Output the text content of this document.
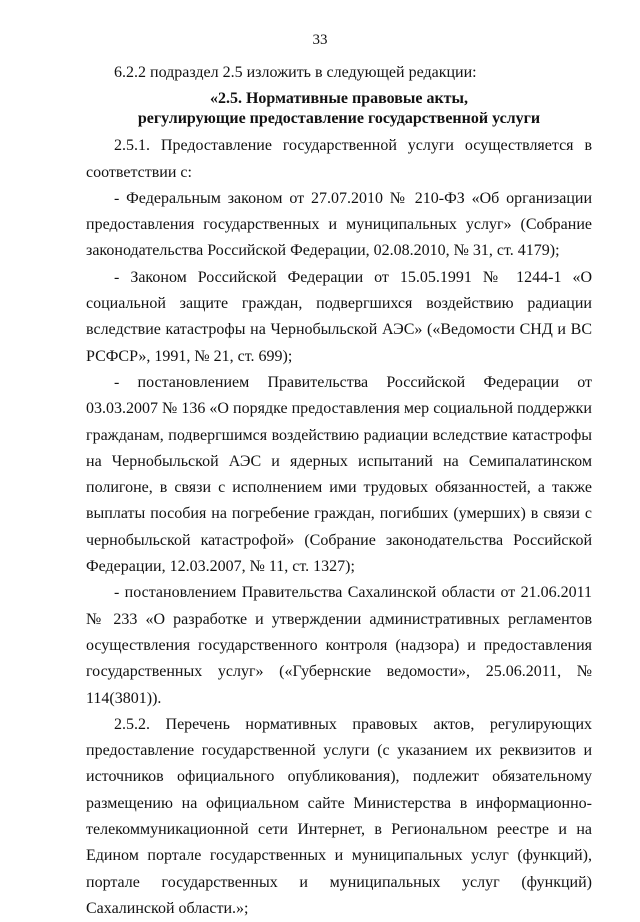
33

6.2.2 подраздел 2.5 изложить в следующей редакции:

«2.5. Нормативные правовые акты,
регулирующие предоставление государственной услуги

2.5.1. Предоставление государственной услуги осуществляется в соответствии с:

- Федеральным законом от 27.07.2010 № 210-ФЗ «Об организации предоставления государственных и муниципальных услуг» (Собрание законодательства Российской Федерации, 02.08.2010, № 31, ст. 4179);

- Законом Российской Федерации от 15.05.1991 № 1244-1 «О социальной защите граждан, подвергшихся воздействию радиации вследствие катастрофы на Чернобыльской АЭС» («Ведомости СНД и ВС РСФСР», 1991, № 21, ст. 699);

- постановлением Правительства Российской Федерации от 03.03.2007 № 136 «О порядке предоставления мер социальной поддержки гражданам, подвергшимся воздействию радиации вследствие катастрофы на Чернобыльской АЭС и ядерных испытаний на Семипалатинском полигоне, в связи с исполнением ими трудовых обязанностей, а также выплаты пособия на погребение граждан, погибших (умерших) в связи с чернобыльской катастрофой» (Собрание законодательства Российской Федерации, 12.03.2007, № 11, ст. 1327);

- постановлением Правительства Сахалинской области от 21.06.2011 № 233 «О разработке и утверждении административных регламентов осуществления государственного контроля (надзора) и предоставления государственных услуг» («Губернские ведомости», 25.06.2011, № 114(3801)).

2.5.2. Перечень нормативных правовых актов, регулирующих предоставление государственной услуги (с указанием их реквизитов и источников официального опубликования), подлежит обязательному размещению на официальном сайте Министерства в информационно-телекоммуникационной сети Интернет, в Региональном реестре и на Едином портале государственных и муниципальных услуг (функций), портале государственных и муниципальных услуг (функций) Сахалинской области.»;
